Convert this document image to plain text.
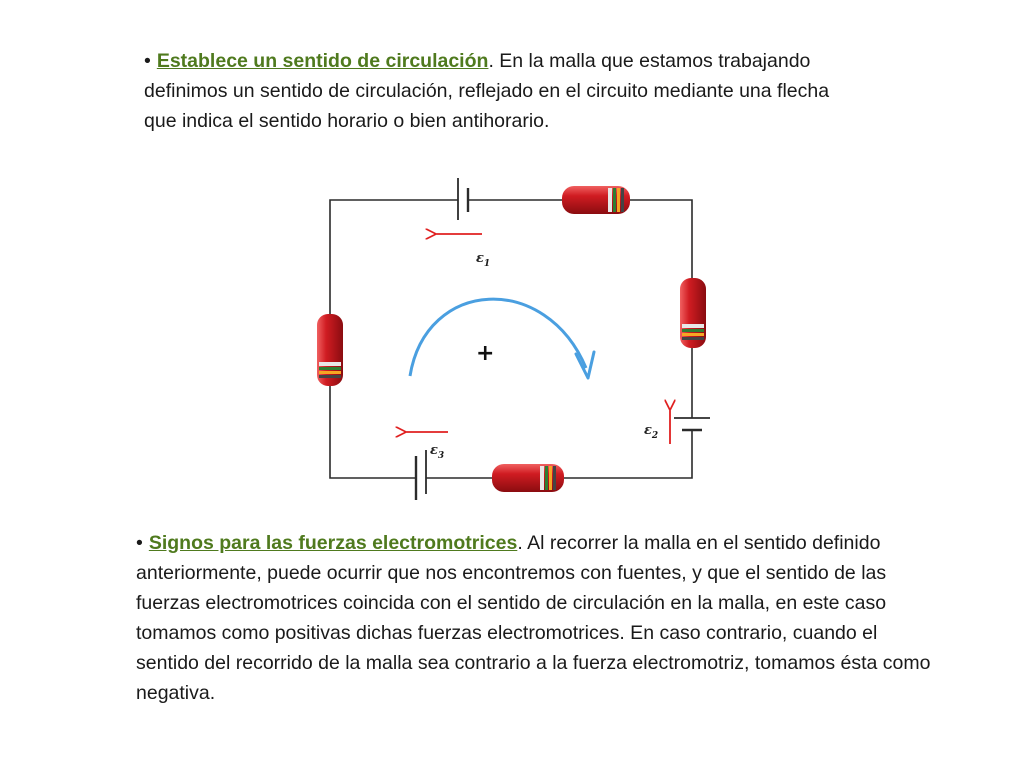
• Establece un sentido de circulación. En la malla que estamos trabajando definimos un sentido de circulación, reflejado en el circuito mediante una flecha que indica el sentido horario o bien antihorario.

$\varepsilon_1$
$\varepsilon_2$
$\varepsilon_3$
+

• Signos para las fuerzas electromotrices. Al recorrer la malla en el sentido definido anteriormente, puede ocurrir que nos encontremos con fuentes, y que el sentido de las fuerzas electromotrices coincida con el sentido de circulación en la malla, en este caso tomamos como positivas dichas fuerzas electromotrices. En caso contrario, cuando el sentido del recorrido de la malla sea contrario a la fuerza electromotriz, tomamos ésta como negativa.
